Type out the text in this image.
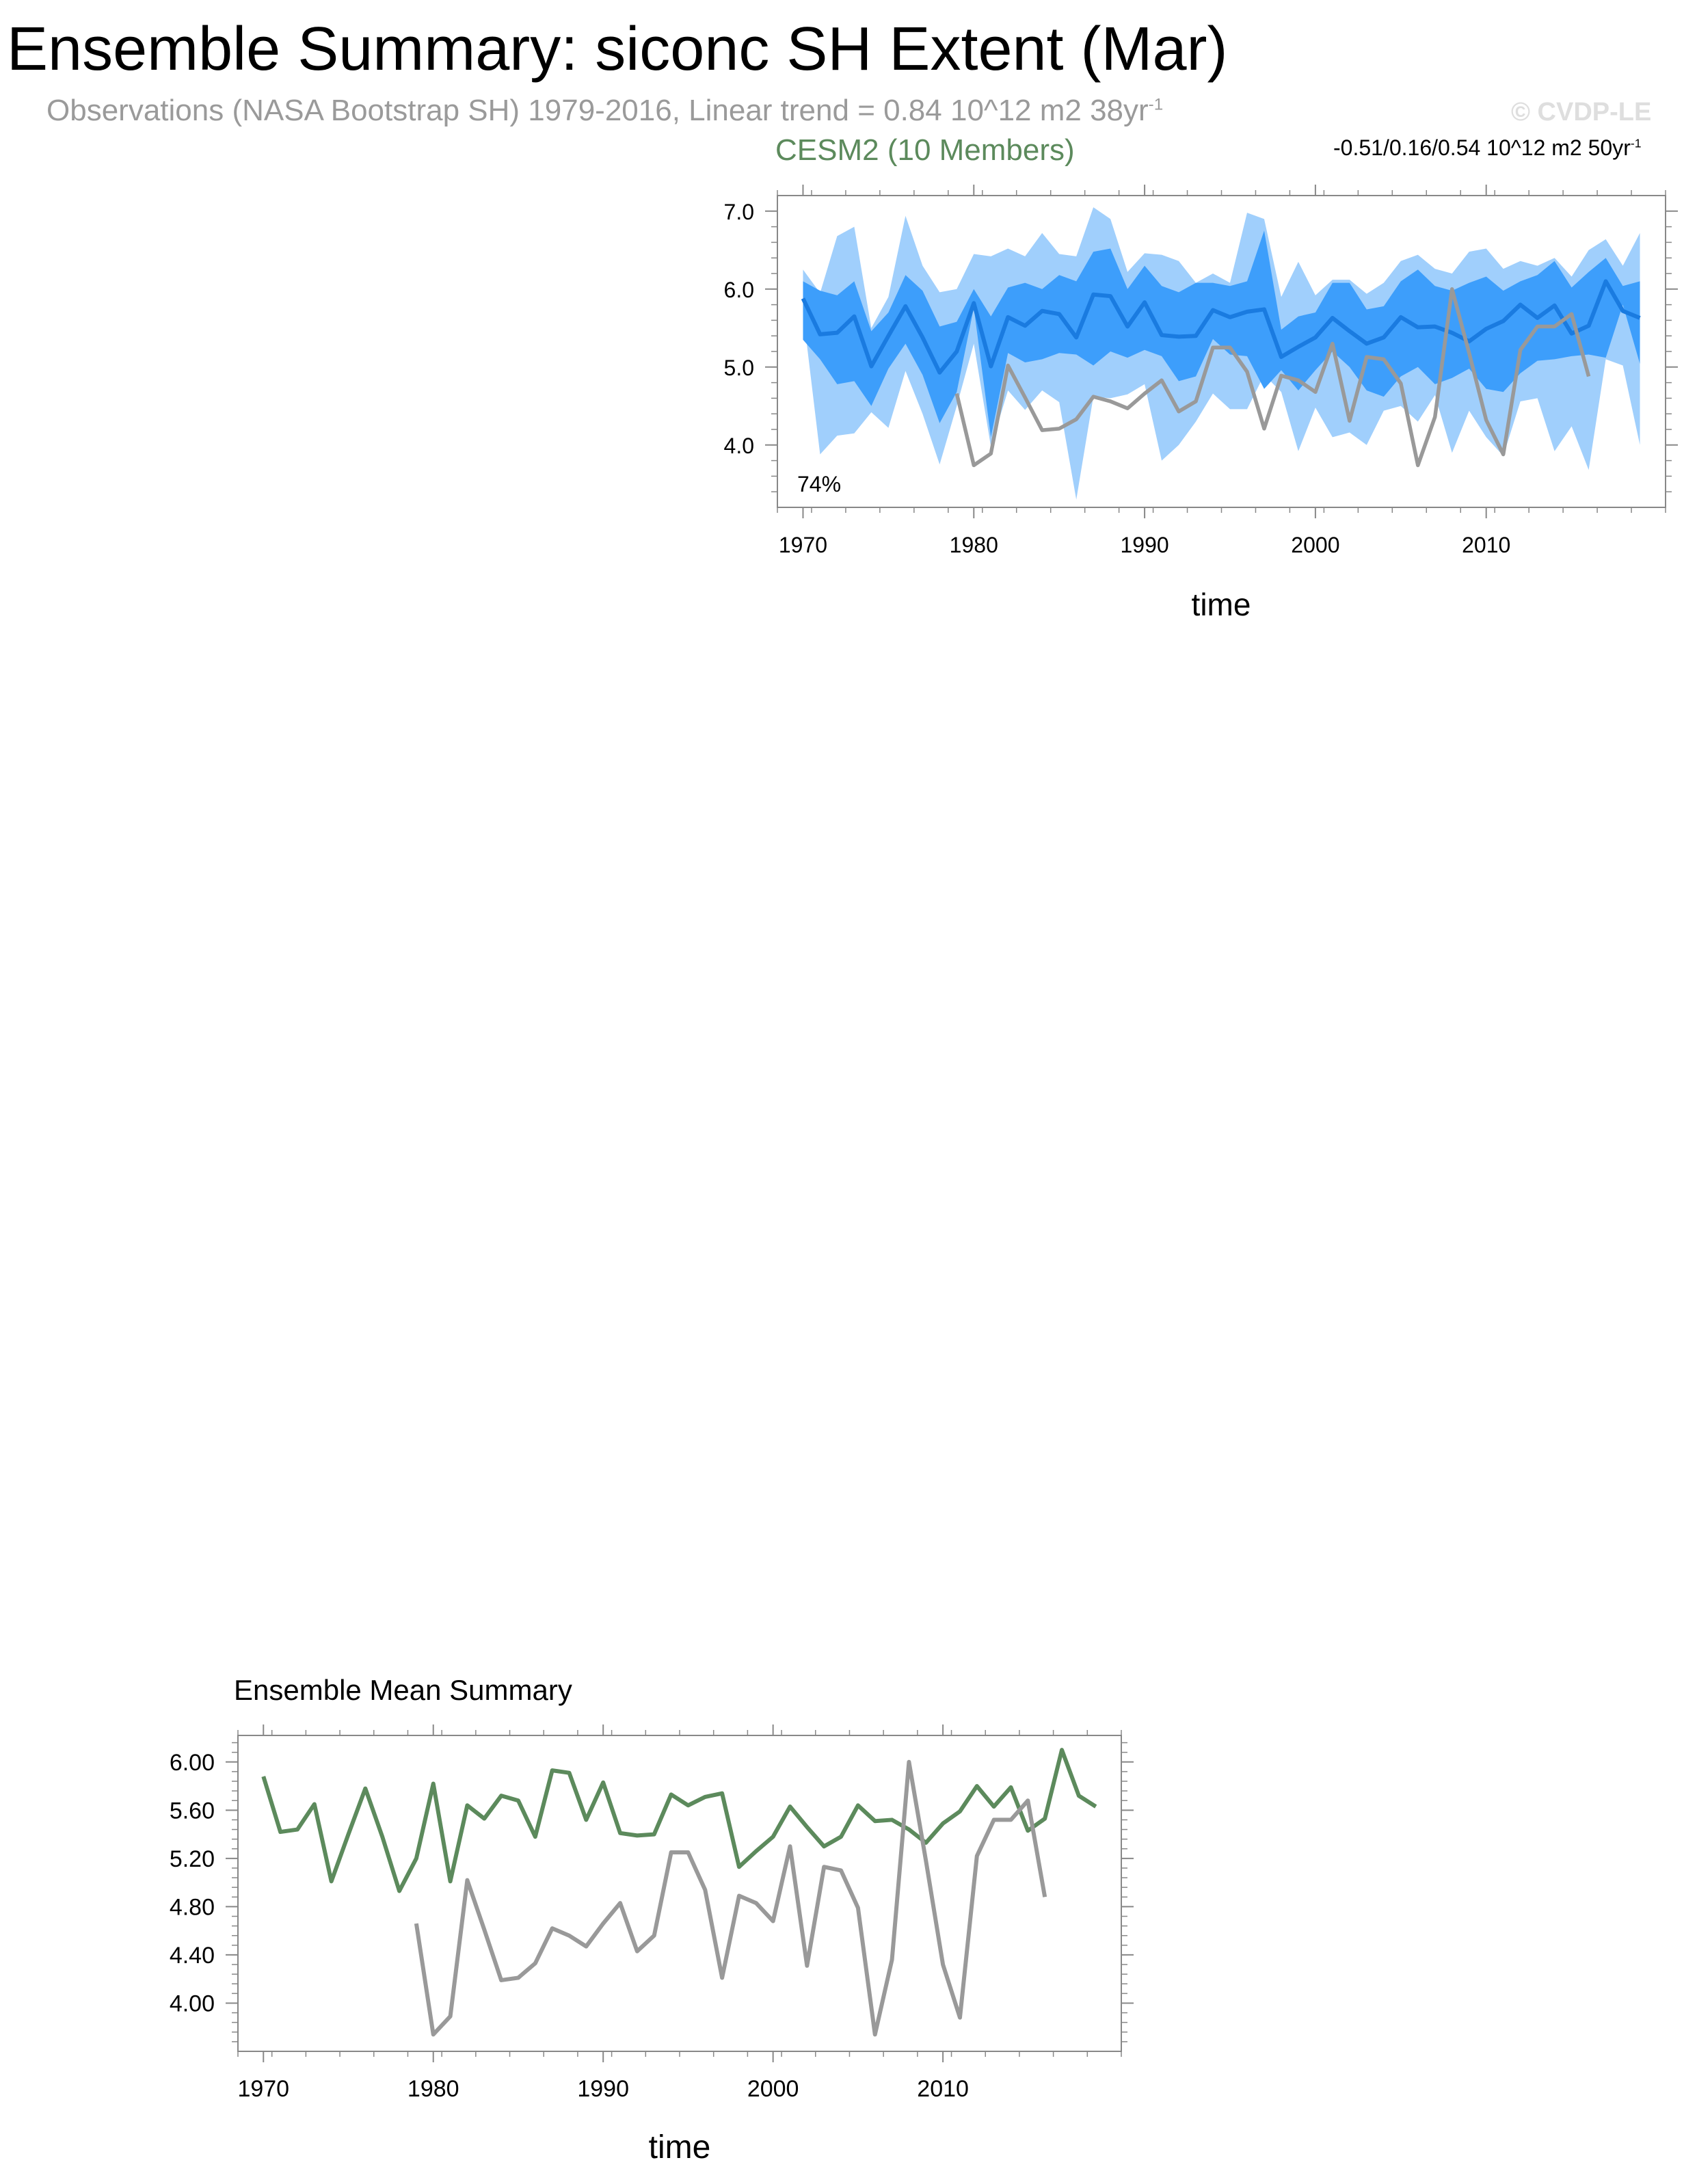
Ensemble Summary: siconc SH Extent (Mar)
Observations (NASA Bootstrap SH) 1979-2016, Linear trend = 0.84 10^12 m2 $38yr^{-1}$	© CVDP-LE
CESM2 (10 Members)	-0.51/0.16/0.54 10^12 m2 $50yr^{-1}$
74%
Ensemble Mean Summary
1970	1980	1990	2000	2010
4.0
5.0
6.0
7.0
time
1970	1980	1990	2000	2010
4.00
4.40
4.80
5.20
5.60
6.00
time
